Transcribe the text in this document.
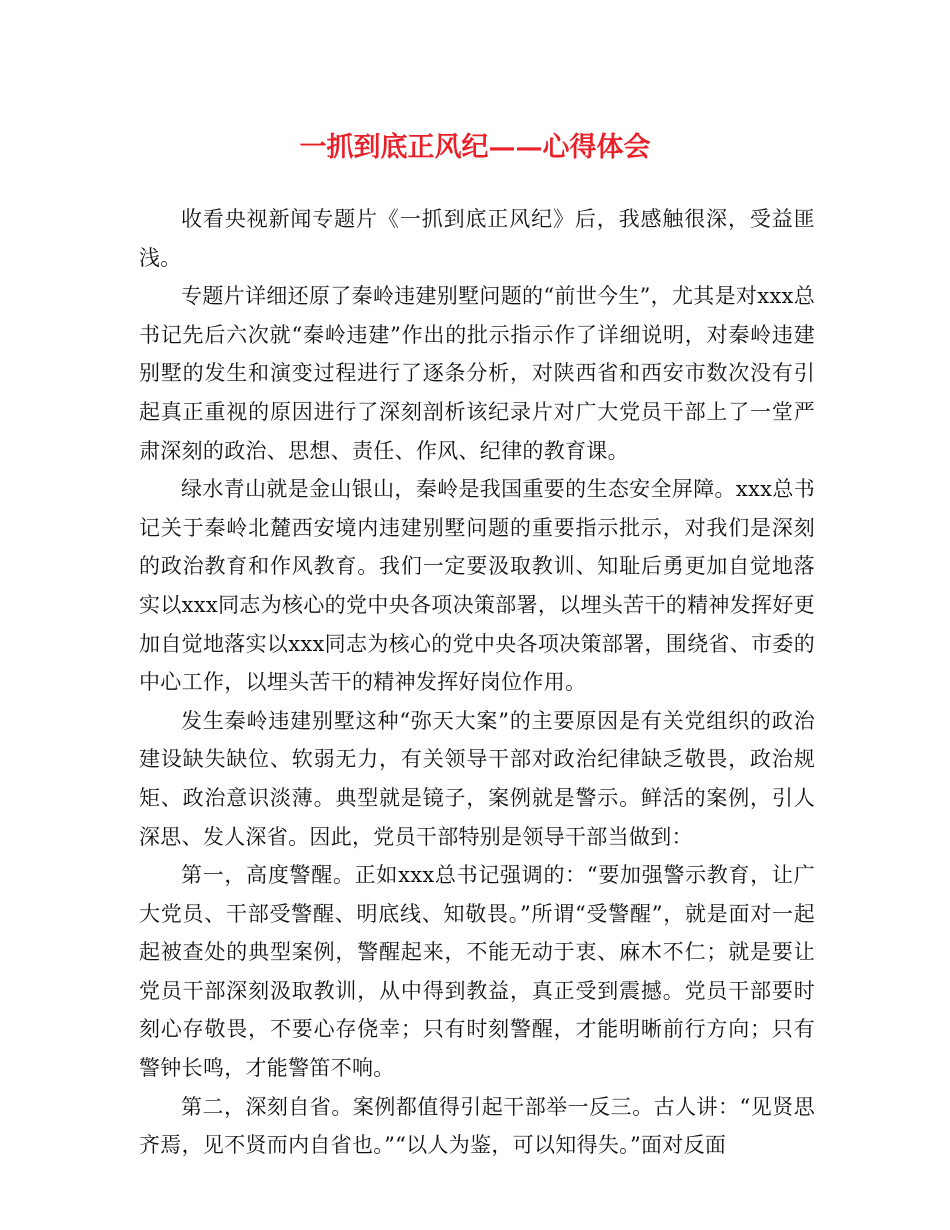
一抓到底正风纪——心得体会

收看央视新闻专题片《一抓到底正风纪》后，我感触很深，受益匪浅。

专题片详细还原了秦岭违建别墅问题的“前世今生”，尤其是对xxx总书记先后六次就“秦岭违建”作出的批示指示作了详细说明，对秦岭违建别墅的发生和演变过程进行了逐条分析，对陕西省和西安市数次没有引起真正重视的原因进行了深刻剖析该纪录片对广大党员干部上了一堂严肃深刻的政治、思想、责任、作风、纪律的教育课。

绿水青山就是金山银山，秦岭是我国重要的生态安全屏障。xxx总书记关于秦岭北麓西安境内违建别墅问题的重要指示批示，对我们是深刻的政治教育和作风教育。我们一定要汲取教训、知耻后勇更加自觉地落实以xxx同志为核心的党中央各项决策部署，以埋头苦干的精神发挥好更加自觉地落实以xxx同志为核心的党中央各项决策部署，围绕省、市委的中心工作，以埋头苦干的精神发挥好岗位作用。

发生秦岭违建别墅这种“弥天大案”的主要原因是有关党组织的政治建设缺失缺位、软弱无力，有关领导干部对政治纪律缺乏敬畏，政治规矩、政治意识淡薄。典型就是镜子，案例就是警示。鲜活的案例，引人深思、发人深省。因此，党员干部特别是领导干部当做到：

第一，高度警醒。正如xxx总书记强调的：“要加强警示教育，让广大党员、干部受警醒、明底线、知敬畏。”所谓“受警醒”，就是面对一起起被查处的典型案例，警醒起来，不能无动于衷、麻木不仁；就是要让党员干部深刻汲取教训，从中得到教益，真正受到震撼。党员干部要时刻心存敬畏，不要心存侥幸；只有时刻警醒，才能明晰前行方向；只有警钟长鸣，才能警笛不响。

第二，深刻自省。案例都值得引起干部举一反三。古人讲：“见贤思齐焉，见不贤而内自省也。”“以人为鉴，可以知得失。”面对反面
